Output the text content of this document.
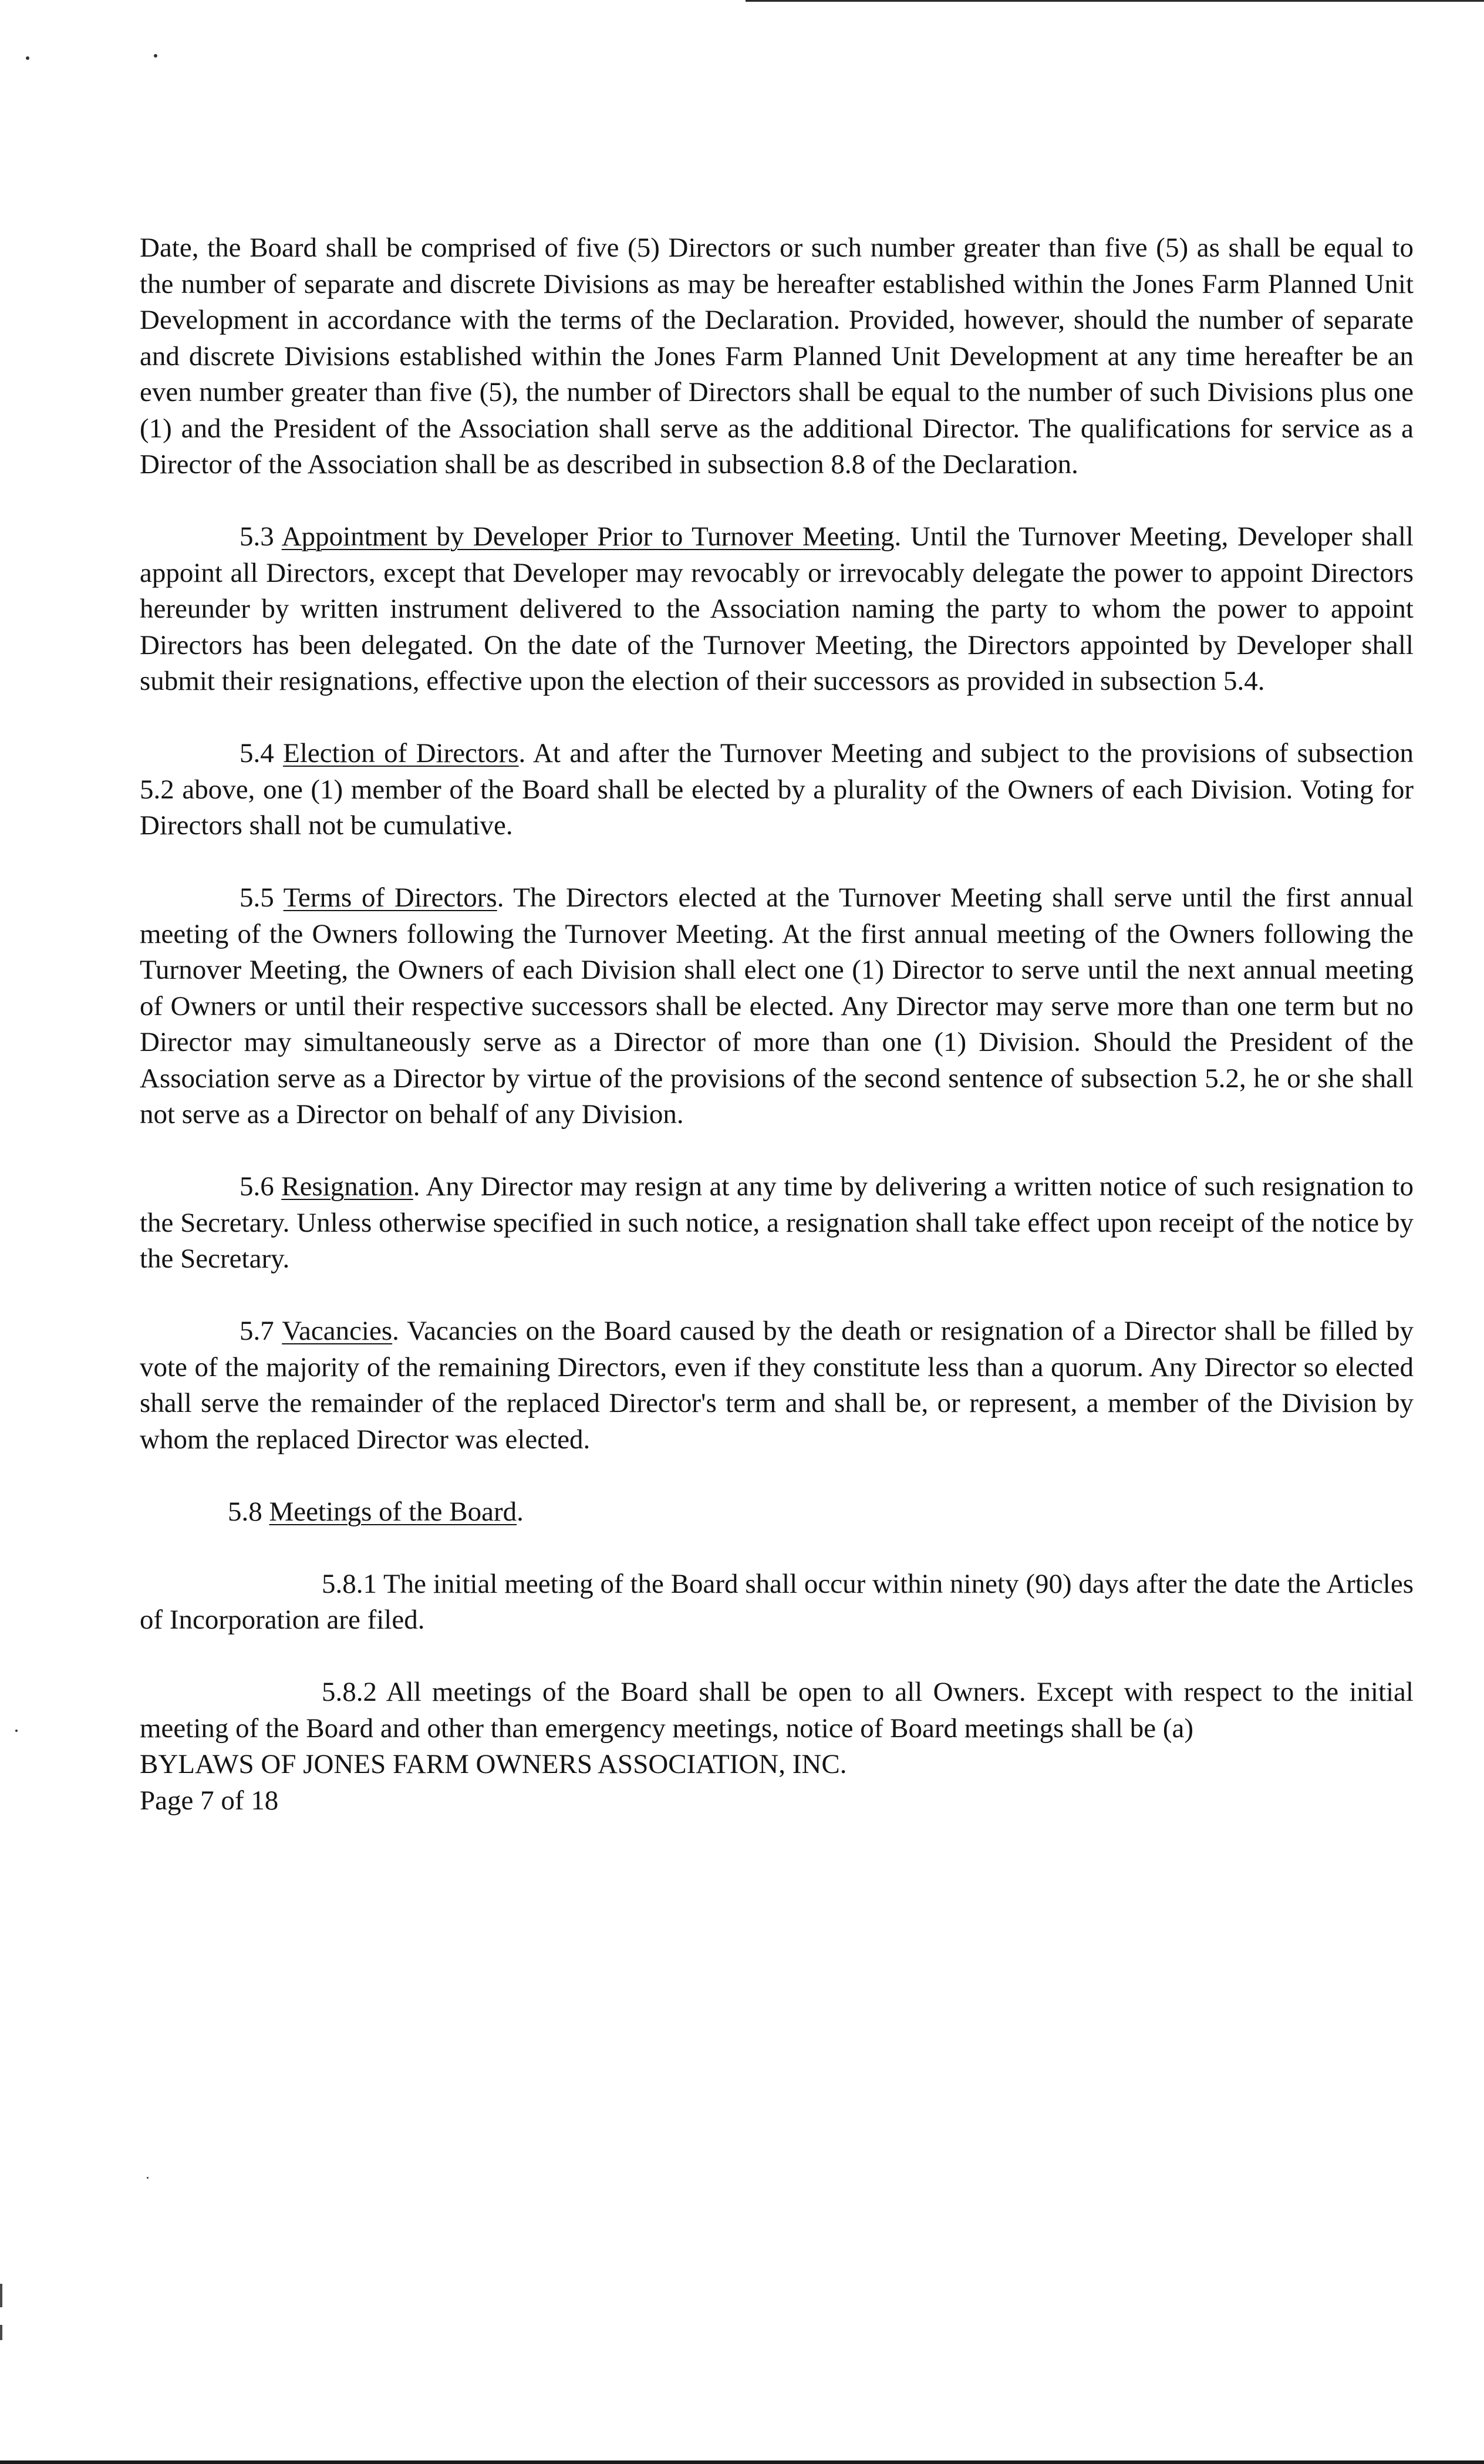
Date, the Board shall be comprised of five (5) Directors or such number greater than five (5) as shall be equal to the number of separate and discrete Divisions as may be hereafter established within the Jones Farm Planned Unit Development in accordance with the terms of the Declaration. Provided, however, should the number of separate and discrete Divisions established within the Jones Farm Planned Unit Development at any time hereafter be an even number greater than five (5), the number of Directors shall be equal to the number of such Divisions plus one (1) and the President of the Association shall serve as the additional Director. The qualifications for service as a Director of the Association shall be as described in subsection 8.8 of the Declaration.

5.3 Appointment by Developer Prior to Turnover Meeting. Until the Turnover Meeting, Developer shall appoint all Directors, except that Developer may revocably or irrevocably delegate the power to appoint Directors hereunder by written instrument delivered to the Association naming the party to whom the power to appoint Directors has been delegated. On the date of the Turnover Meeting, the Directors appointed by Developer shall submit their resignations, effective upon the election of their successors as provided in subsection 5.4.

5.4 Election of Directors. At and after the Turnover Meeting and subject to the provisions of subsection 5.2 above, one (1) member of the Board shall be elected by a plurality of the Owners of each Division. Voting for Directors shall not be cumulative.

5.5 Terms of Directors. The Directors elected at the Turnover Meeting shall serve until the first annual meeting of the Owners following the Turnover Meeting. At the first annual meeting of the Owners following the Turnover Meeting, the Owners of each Division shall elect one (1) Director to serve until the next annual meeting of Owners or until their respective successors shall be elected. Any Director may serve more than one term but no Director may simultaneously serve as a Director of more than one (1) Division. Should the President of the Association serve as a Director by virtue of the provisions of the second sentence of subsection 5.2, he or she shall not serve as a Director on behalf of any Division.

5.6 Resignation. Any Director may resign at any time by delivering a written notice of such resignation to the Secretary. Unless otherwise specified in such notice, a resignation shall take effect upon receipt of the notice by the Secretary.

5.7 Vacancies. Vacancies on the Board caused by the death or resignation of a Director shall be filled by vote of the majority of the remaining Directors, even if they constitute less than a quorum. Any Director so elected shall serve the remainder of the replaced Director's term and shall be, or represent, a member of the Division by whom the replaced Director was elected.

5.8 Meetings of the Board.

5.8.1 The initial meeting of the Board shall occur within ninety (90) days after the date the Articles of Incorporation are filed.

5.8.2 All meetings of the Board shall be open to all Owners. Except with respect to the initial meeting of the Board and other than emergency meetings, notice of Board meetings shall be (a)

BYLAWS OF JONES FARM OWNERS ASSOCIATION, INC.

Page 7 of 18
